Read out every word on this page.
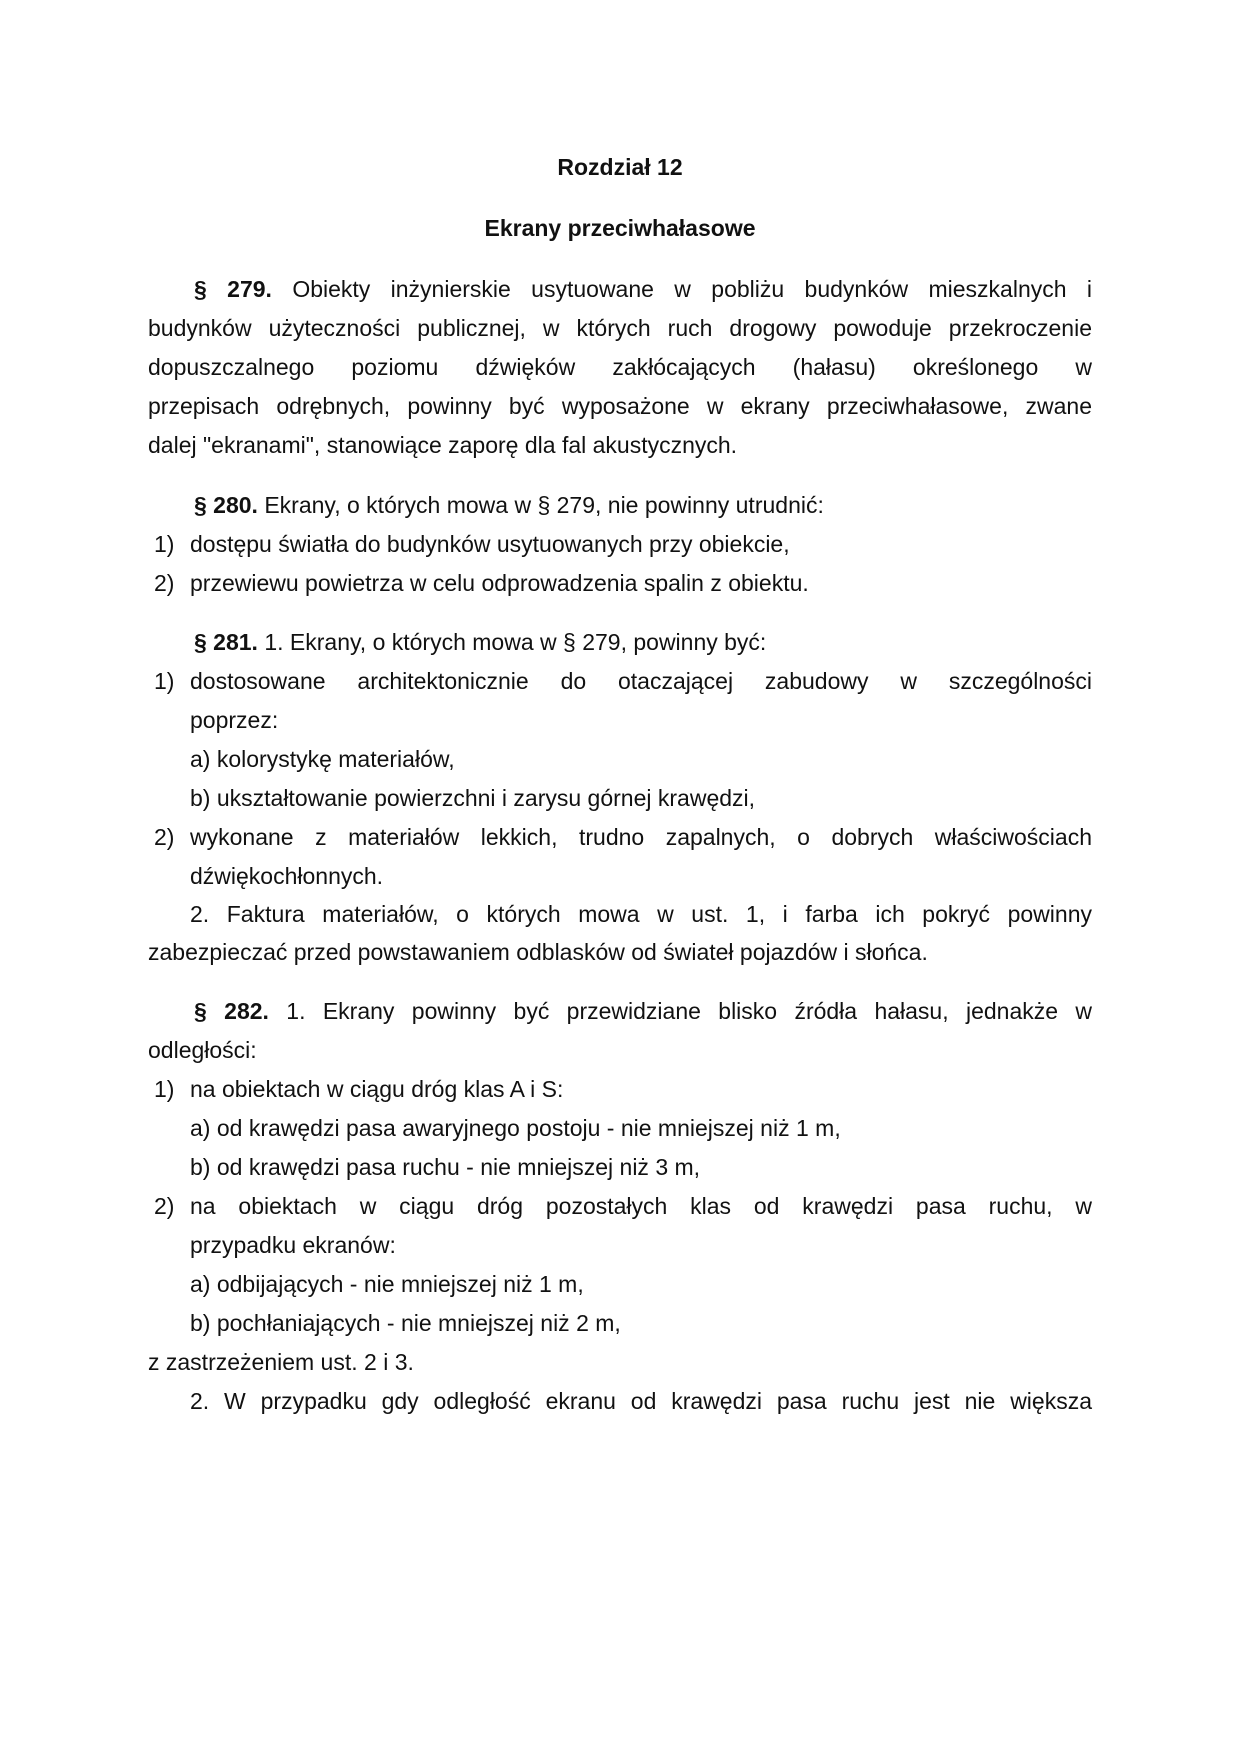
Rozdział 12
Ekrany przeciwhałasowe
§ 279. Obiekty inżynierskie usytuowane w pobliżu budynków mieszkalnych i
budynków użyteczności publicznej, w których ruch drogowy powoduje przekroczenie
dopuszczalnego poziomu dźwięków zakłócających (hałasu) określonego w
przepisach odrębnych, powinny być wyposażone w ekrany przeciwhałasowe, zwane
dalej "ekranami", stanowiące zaporę dla fal akustycznych.
§ 280. Ekrany, o których mowa w § 279, nie powinny utrudnić:
1) dostępu światła do budynków usytuowanych przy obiekcie,
2) przewiewu powietrza w celu odprowadzenia spalin z obiektu.
§ 281. 1. Ekrany, o których mowa w § 279, powinny być:
1) dostosowane architektonicznie do otaczającej zabudowy w szczególności
poprzez:
a) kolorystykę materiałów,
b) ukształtowanie powierzchni i zarysu górnej krawędzi,
2) wykonane z materiałów lekkich, trudno zapalnych, o dobrych właściwościach
dźwiękochłonnych.
2. Faktura materiałów, o których mowa w ust. 1, i farba ich pokryć powinny
zabezpieczać przed powstawaniem odblasków od świateł pojazdów i słońca.
§ 282. 1. Ekrany powinny być przewidziane blisko źródła hałasu, jednakże w
odległości:
1) na obiektach w ciągu dróg klas A i S:
a) od krawędzi pasa awaryjnego postoju - nie mniejszej niż 1 m,
b) od krawędzi pasa ruchu - nie mniejszej niż 3 m,
2) na obiektach w ciągu dróg pozostałych klas od krawędzi pasa ruchu, w
przypadku ekranów:
a) odbijających - nie mniejszej niż 1 m,
b) pochłaniających - nie mniejszej niż 2 m,
z zastrzeżeniem ust. 2 i 3.
2. W przypadku gdy odległość ekranu od krawędzi pasa ruchu jest nie większa
